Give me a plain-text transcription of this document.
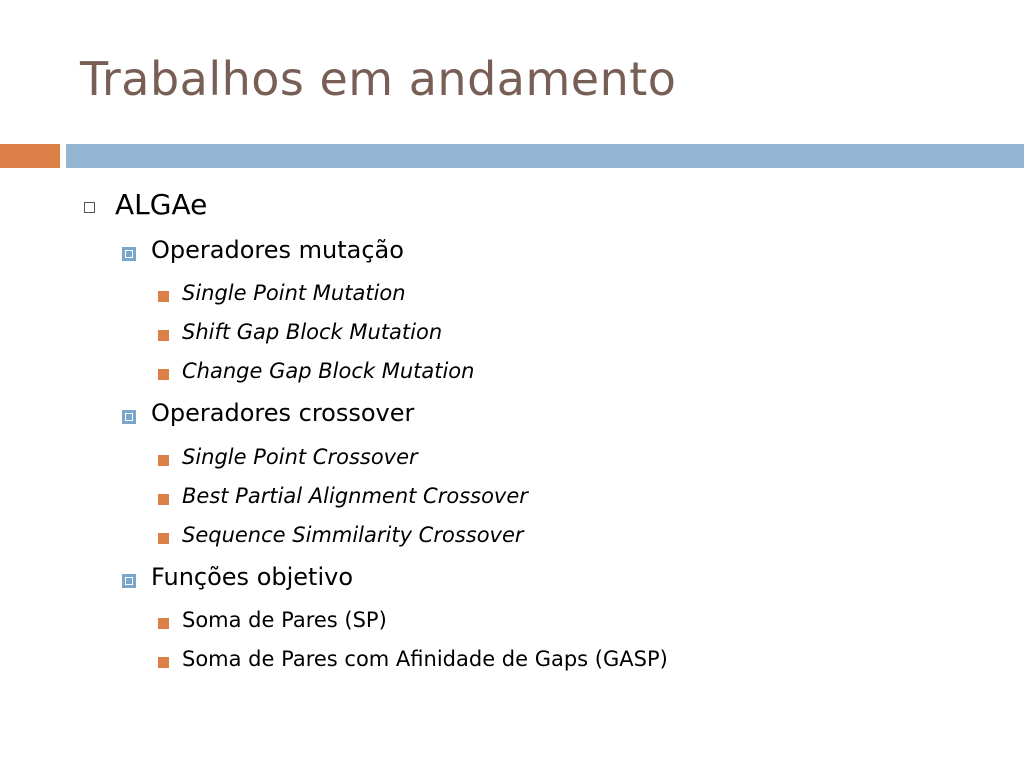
Trabalhos em andamento
ALGAe
Operadores mutação
Single Point Mutation
Shift Gap Block Mutation
Change Gap Block Mutation
Operadores crossover
Single Point Crossover
Best Partial Alignment Crossover
Sequence Simmilarity Crossover
Funções objetivo
Soma de Pares (SP)
Soma de Pares com Afinidade de Gaps (GASP)
